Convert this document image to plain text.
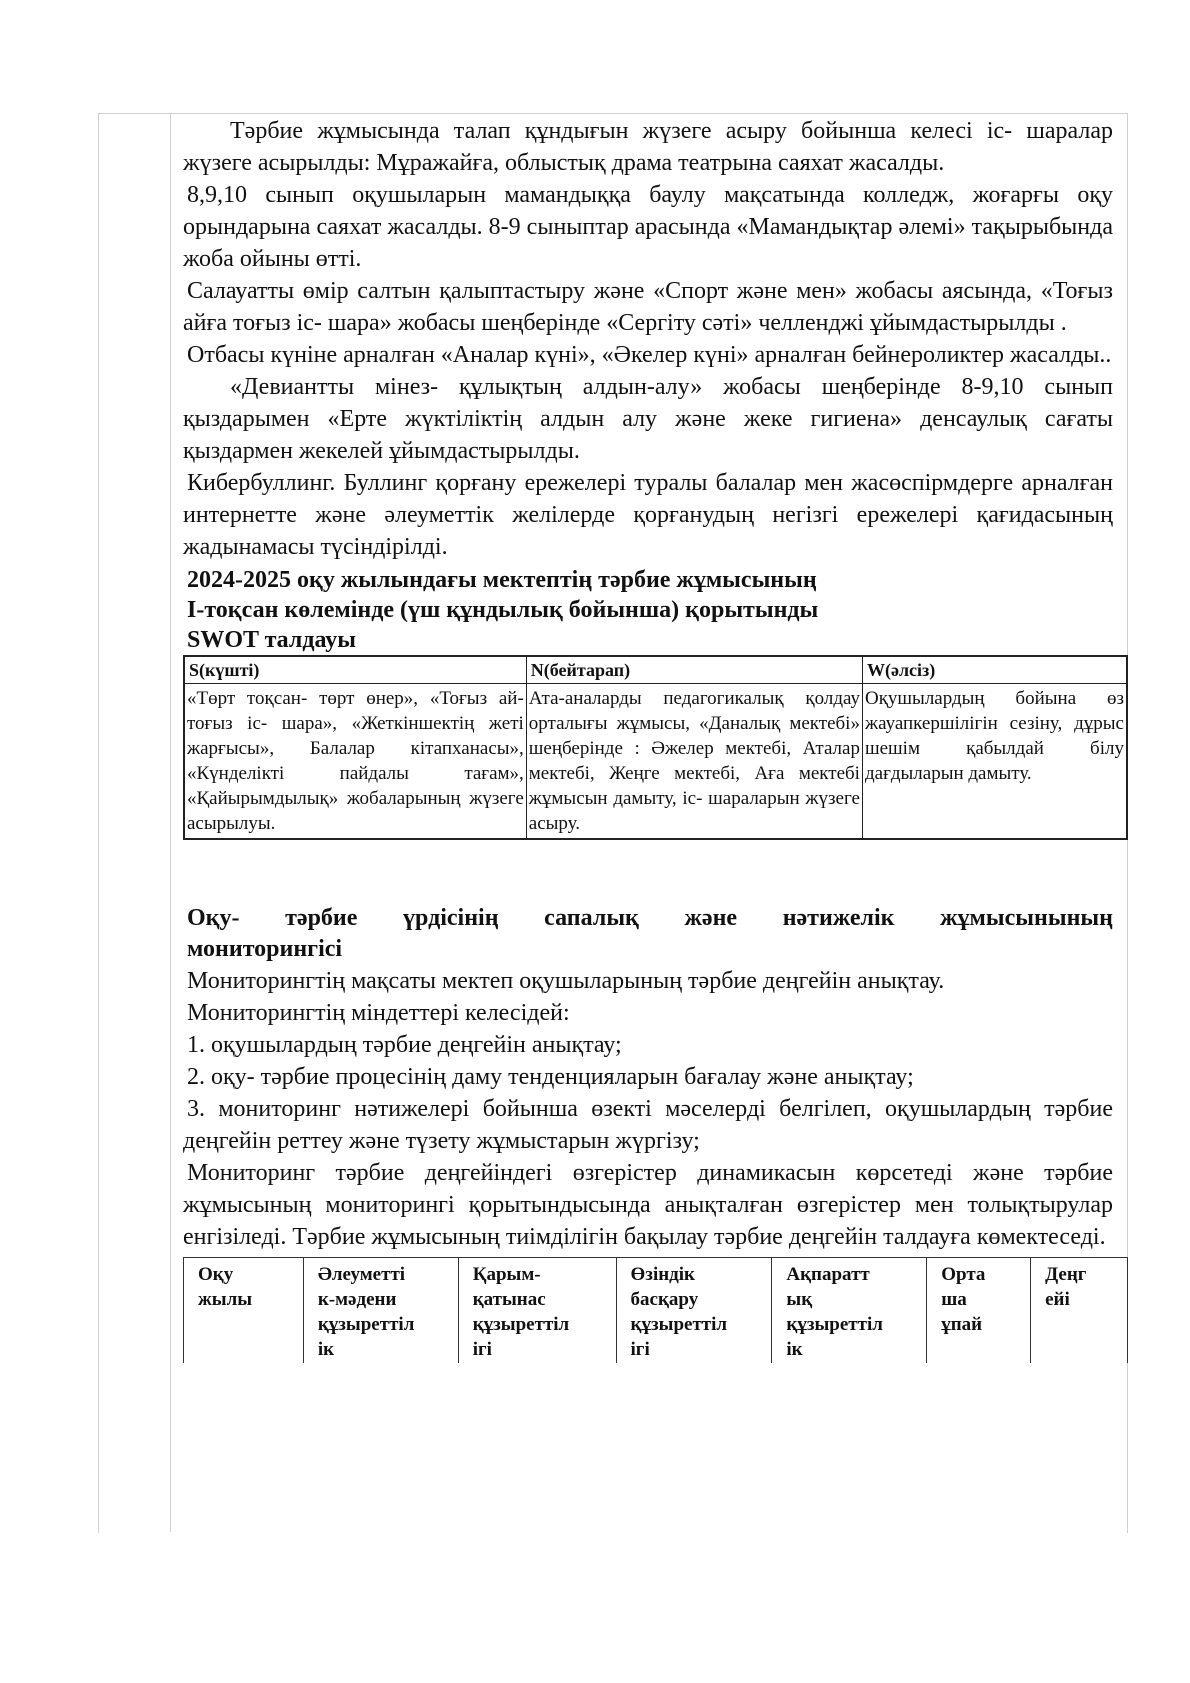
Тәрбие жұмысында талап құндығын жүзеге асыру бойынша келесі іс- шаралар жүзеге асырылды: Мұражайға, облыстық драма театрына саяхат жасалды.

8,9,10 сынып оқушыларын мамандыққа баулу мақсатында колледж, жоғарғы оқу орындарына саяхат жасалды. 8-9 сыныптар арасында «Мамандықтар әлемі» тақырыбында жоба ойыны өтті.

Салауатты өмір салтын қалыптастыру және «Спорт және мен» жобасы аясында, «Тоғыз айға тоғыз іс- шара» жобасы шеңберінде «Сергіту сәті» челленджі ұйымдастырылды .

Отбасы күніне арналған «Аналар күні», «Әкелер күні» арналған бейнероликтер жасалды..

«Девиантты мінез- құлықтың алдын-алу» жобасы шеңберінде 8-9,10 сынып қыздарымен «Ерте жүктіліктің алдын алу және жеке гигиена» денсаулық сағаты қыздармен жекелей ұйымдастырылды.

Кибербуллинг. Буллинг қорғану ережелері туралы балалар мен жасөспірмдерге арналған интернетте және әлеуметтік желілерде қорғанудың негізгі ережелері қағидасының жадынамасы түсіндірілді.

2024-2025 оқу жылындағы мектептің тәрбие жұмысының

І-тоқсан көлемінде (үш құндылық бойынша) қорытынды

SWOT талдауы

S(күшті)	N(бейтарап)	W(әлсіз)
«Төрт тоқсан- төрт өнер», «Тоғыз ай- тоғыз іс- шара», «Жеткіншектің жеті жарғысы», Балалар кітапханасы», «Күнделікті пайдалы тағам», «Қайырымдылық» жобаларының жүзеге асырылуы.	Ата-аналарды педагогикалық қолдау орталығы жұмысы, «Даналық мектебі» шеңберінде : Әжелер мектебі, Аталар мектебі, Жеңге мектебі, Аға мектебі жұмысын дамыту, іс- шараларын жүзеге асыру.	Оқушылардың бойына өз жауапкершілігін сезіну, дұрыс шешім қабылдай білу дағдыларын дамыту.

Оқу- тәрбие үрдісінің сапалық және нәтижелік жұмысынының мониторингісі

Мониторингтің мақсаты мектеп оқушыларының тәрбие деңгейін анықтау.

Мониторингтің міндеттері келесідей:

1. оқушылардың тәрбие деңгейін анықтау;

2. оқу- тәрбие процесінің даму тенденцияларын бағалау және анықтау;

3. мониторинг нәтижелері бойынша өзекті мәселерді белгілеп, оқушылардың тәрбие деңгейін реттеу және түзету жұмыстарын жүргізу;

Мониторинг тәрбие деңгейіндегі өзгерістер динамикасын көрсетеді және тәрбие жұмысының мониторингі қорытындысында анықталған өзгерістер мен толықтырулар енгізіледі. Тәрбие жұмысының тиімділігін бақылау тәрбие деңгейін талдауға көмектеседі.

Оқу
жылы	Әлеуметті
к-мәдени
құзыреттіл
ік	Қарым-
қатынас
құзыреттіл
ігі	Өзіндік
басқару
құзыреттіл
ігі	Ақпаратт
ық
құзыреттіл
ік	Орта
ша
ұпай	Деңг
ейі
